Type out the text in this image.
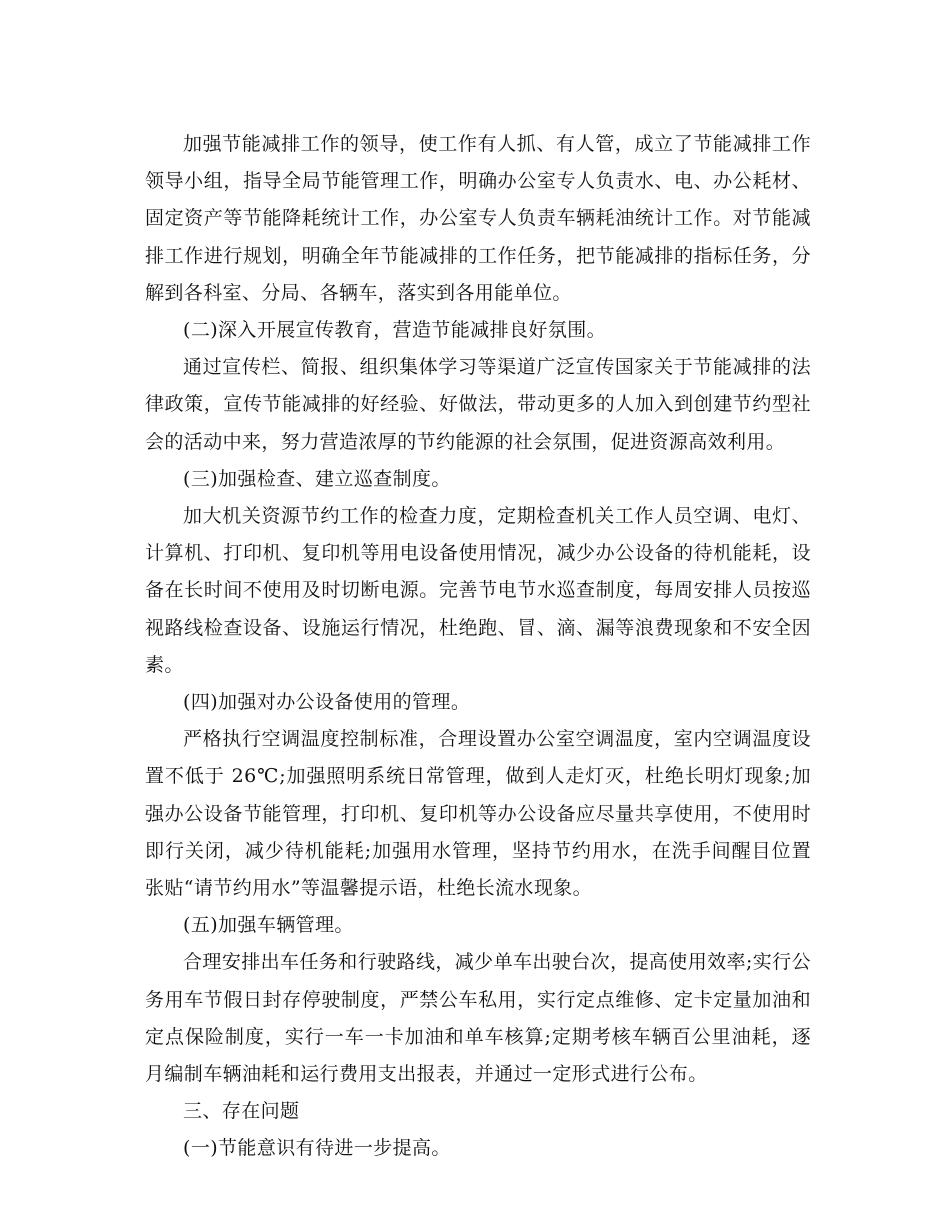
加强节能减排工作的领导，使工作有人抓、有人管，成立了节能减排工作领导小组，指导全局节能管理工作，明确办公室专人负责水、电、办公耗材、固定资产等节能降耗统计工作，办公室专人负责车辆耗油统计工作。对节能减排工作进行规划，明确全年节能减排的工作任务，把节能减排的指标任务，分解到各科室、分局、各辆车，落实到各用能单位。

(二)深入开展宣传教育，营造节能减排良好氛围。

通过宣传栏、简报、组织集体学习等渠道广泛宣传国家关于节能减排的法律政策，宣传节能减排的好经验、好做法，带动更多的人加入到创建节约型社会的活动中来，努力营造浓厚的节约能源的社会氛围，促进资源高效利用。

(三)加强检查、建立巡查制度。

加大机关资源节约工作的检查力度，定期检查机关工作人员空调、电灯、计算机、打印机、复印机等用电设备使用情况，减少办公设备的待机能耗，设备在长时间不使用及时切断电源。完善节电节水巡查制度，每周安排人员按巡视路线检查设备、设施运行情况，杜绝跑、冒、滴、漏等浪费现象和不安全因素。

(四)加强对办公设备使用的管理。

严格执行空调温度控制标准，合理设置办公室空调温度，室内空调温度设置不低于 26℃;加强照明系统日常管理，做到人走灯灭，杜绝长明灯现象;加强办公设备节能管理，打印机、复印机等办公设备应尽量共享使用，不使用时即行关闭，减少待机能耗;加强用水管理，坚持节约用水，在洗手间醒目位置张贴“请节约用水”等温馨提示语，杜绝长流水现象。

(五)加强车辆管理。

合理安排出车任务和行驶路线，减少单车出驶台次，提高使用效率;实行公务用车节假日封存停驶制度，严禁公车私用，实行定点维修、定卡定量加油和定点保险制度，实行一车一卡加油和单车核算;定期考核车辆百公里油耗，逐月编制车辆油耗和运行费用支出报表，并通过一定形式进行公布。

三、存在问题

(一)节能意识有待进一步提高。
